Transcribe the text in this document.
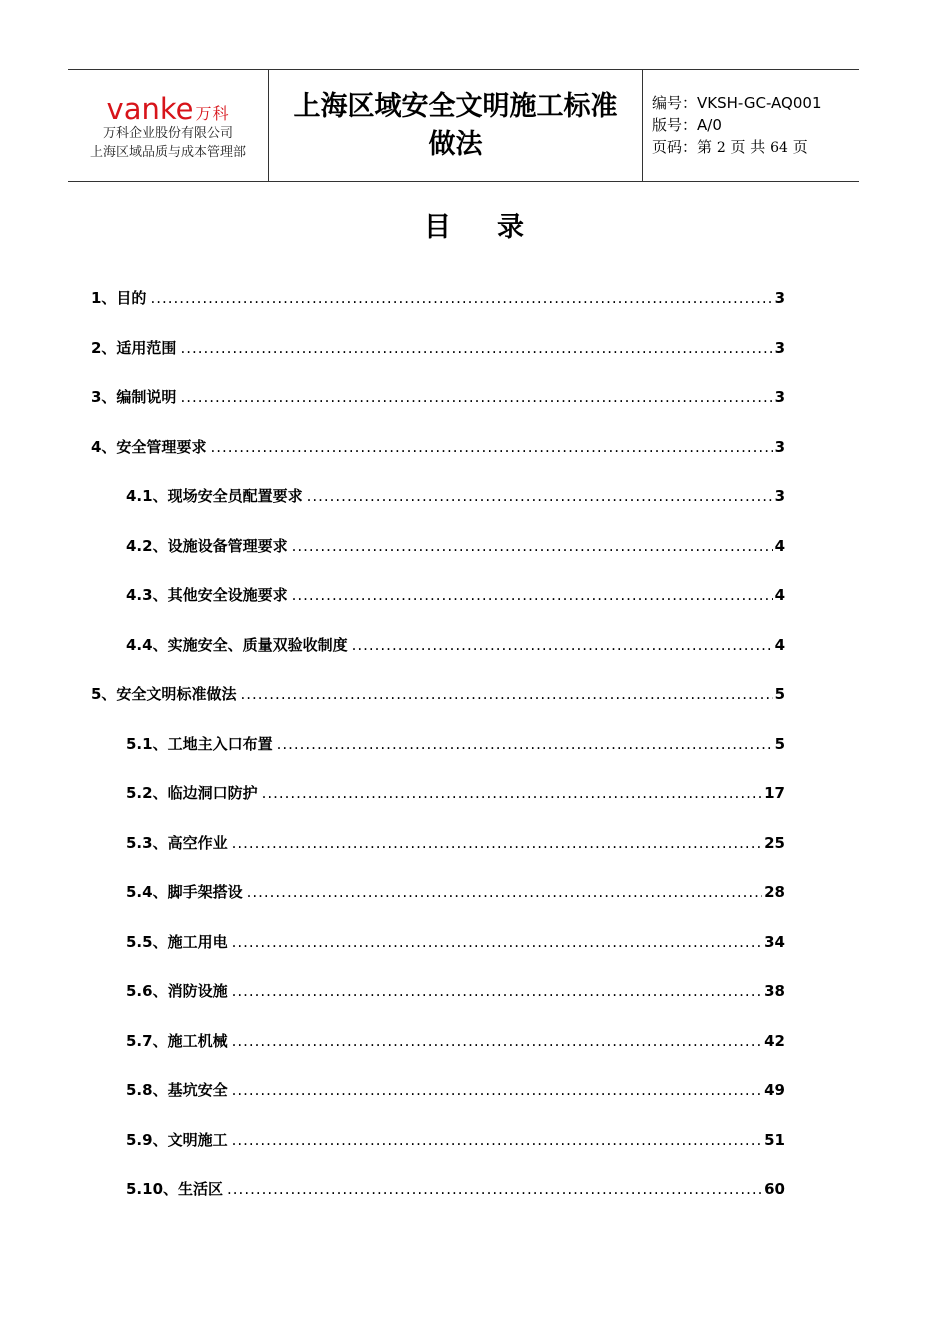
vanke 万科
万科企业股份有限公司
上海区域品质与成本管理部
上海区域安全文明施工标准
做法
编号：VKSH-GC-AQ001
版号：A/0
页码：第 2 页 共 64 页
目 录
1、目的 .....	3
2、适用范围 .....	3
3、编制说明 .....	3
4、安全管理要求 .....	3
4.1、现场安全员配置要求 .....	3
4.2、设施设备管理要求 .....	4
4.3、其他安全设施要求 .....	4
4.4、实施安全、质量双验收制度 .....	4
5、安全文明标准做法 .....	5
5.1、工地主入口布置 .....	5
5.2、临边洞口防护 .....	17
5.3、高空作业 .....	25
5.4、脚手架搭设 .....	28
5.5、施工用电 .....	34
5.6、消防设施 .....	38
5.7、施工机械 .....	42
5.8、基坑安全 .....	49
5.9、文明施工 .....	51
5.10、生活区 .....	60
